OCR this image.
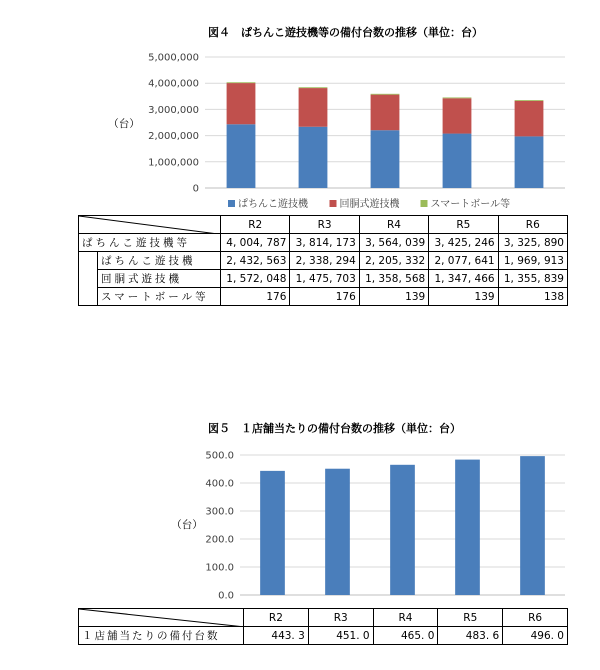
図４　ぱちんこ遊技機等の備付台数の推移（単位：台）
0
1,000,000
2,000,000
3,000,000
4,000,000
5,000,000
（台）
ぱちんこ遊技機	回胴式遊技機	スマートボール等
	R2	R3	R4	R5	R6
ぱちんこ遊技機等		4, 004, 787	3, 814, 173	3, 564, 039	3, 425, 246	3, 325, 890
	ぱちんこ遊技機	2, 432, 563	2, 338, 294	2, 205, 332	2, 077, 641	1, 969, 913
	回胴式遊技機	1, 572, 048	1, 475, 703	1, 358, 568	1, 347, 466	1, 355, 839
	スマートボール等	176	176	139	139	138
図５　１店舗当たりの備付台数の推移（単位：台）
0.0
100.0
200.0
300.0
400.0
500.0
（台）
	R2	R3	R4	R5	R6
１店舗当たりの備付台数	443. 3	451. 0	465. 0	483. 6	496. 0
